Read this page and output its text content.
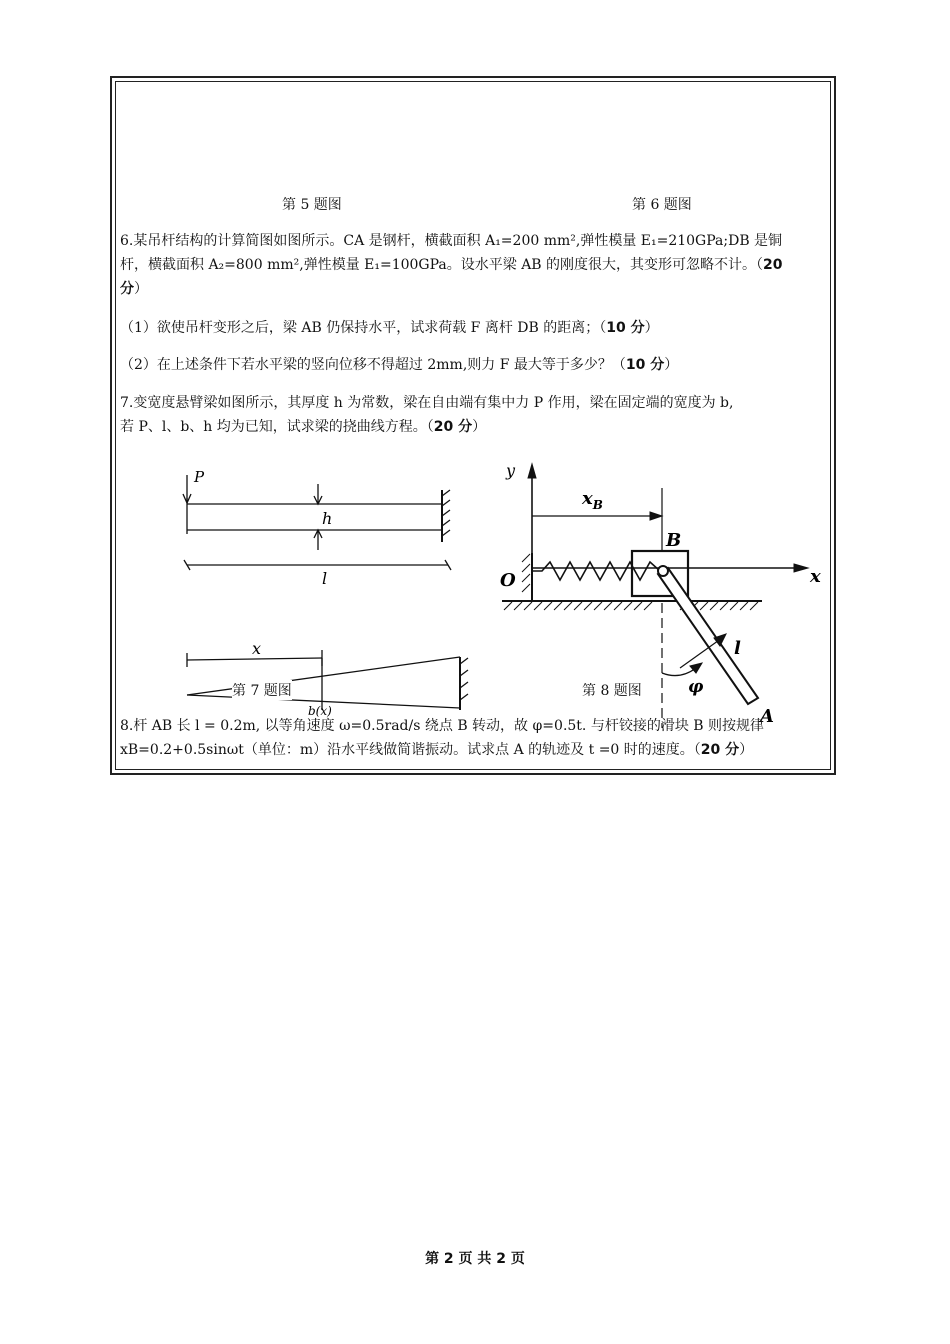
第 5 题图	第 6 题图

6.某吊杆结构的计算简图如图所示。CA 是钢杆，横截面积 A₁=200 mm²,弹性模量 E₁=210GPa;DB 是铜
杆，横截面积 A₂=800 mm²,弹性模量 E₁=100GPa。设水平梁 AB 的刚度很大，其变形可忽略不计。（20
分）

（1）欲使吊杆变形之后，梁 AB 仍保持水平，试求荷载 F 离杆 DB 的距离；（10 分）

（2）在上述条件下若水平梁的竖向位移不得超过 2mm,则力 F 最大等于多少？（10 分）

7.变宽度悬臂梁如图所示，其厚度 h 为常数，梁在自由端有集中力 P 作用，梁在固定端的宽度为 b,
若 P、l、b、h 均为已知，试求梁的挠曲线方程。（20 分）

P
h
l
x
b(x)
y
x
O
B
A
$x_B$
l
φ
第 7 题图	第 8 题图

8.杆 AB 长 l = 0.2m, 以等角速度 ω=0.5rad/s 绕点 B 转动，故 φ=0.5t. 与杆铰接的滑块 B 则按规律
xB=0.2+0.5sinωt（单位：m）沿水平线做简谐振动。试求点 A 的轨迹及 t =0 时的速度。（20 分）

第 2 页 共 2 页
